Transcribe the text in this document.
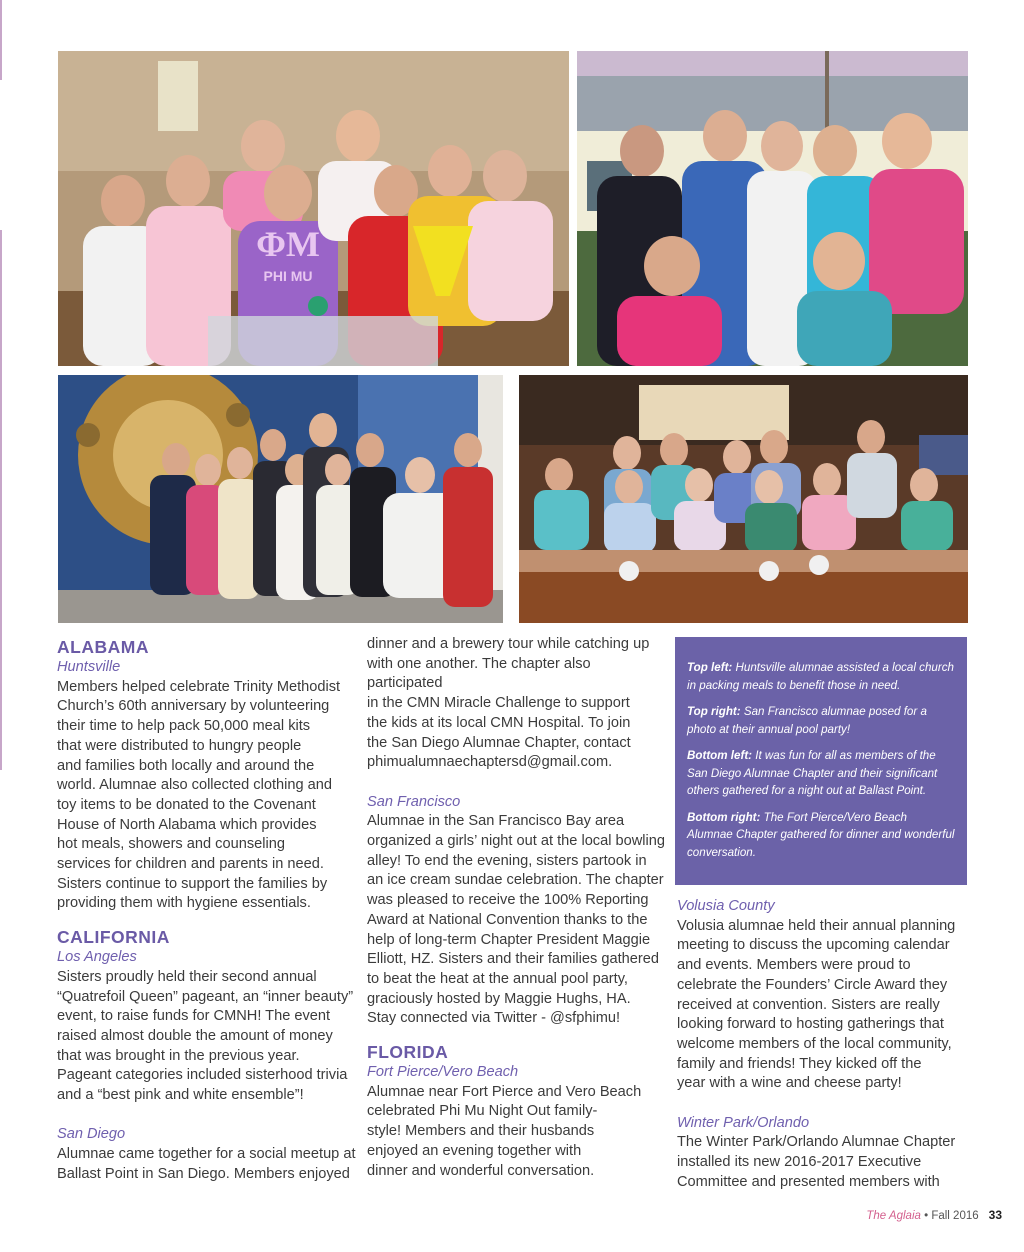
ΦM
PHI MU
ALABAMA
Huntsville

Members helped celebrate Trinity Methodist

Church’s 60th anniversary by volunteering

their time to help pack 50,000 meal kits

that were distributed to hungry people

and families both locally and around the

world. Alumnae also collected clothing and

toy items to be donated to the Covenant

House of North Alabama which provides

hot meals, showers and counseling

services for children and parents in need.

Sisters continue to support the families by

providing them with hygiene essentials.

CALIFORNIA
Los Angeles

Sisters proudly held their second annual

“Quatrefoil Queen” pageant, an “inner beauty”

event, to raise funds for CMNH! The event

raised almost double the amount of money

that was brought in the previous year.

Pageant categories included sisterhood trivia

and a “best pink and white ensemble”!

San Diego

Alumnae came together for a social meetup at

Ballast Point in San Diego. Members enjoyed

dinner and a brewery tour while catching up

with one another. The chapter also participated

in the CMN Miracle Challenge to support

the kids at its local CMN Hospital. To join

the San Diego Alumnae Chapter, contact

phimualumnaechaptersd@gmail.com.

San Francisco

Alumnae in the San Francisco Bay area

organized a girls’ night out at the local bowling

alley! To end the evening, sisters partook in

an ice cream sundae celebration. The chapter

was pleased to receive the 100% Reporting

Award at National Convention thanks to the

help of long-term Chapter President Maggie

Elliott, HZ. Sisters and their families gathered

to beat the heat at the annual pool party,

graciously hosted by Maggie Hughs, HA.

Stay connected via Twitter - @sfphimu!

FLORIDA
Fort Pierce/Vero Beach

Alumnae near Fort Pierce and Vero Beach

celebrated Phi Mu Night Out family-

style! Members and their husbands

enjoyed an evening together with

dinner and wonderful conversation.

Top left: Huntsville alumnae assisted a local church in packing meals to benefit those in need.

Top right: San Francisco alumnae posed for a photo at their annual pool party!

Bottom left: It was fun for all as members of the San Diego Alumnae Chapter and their significant others gathered for a night out at Ballast Point.

Bottom right: The Fort Pierce/Vero Beach Alumnae Chapter gathered for dinner and wonderful conversation.

Volusia County

Volusia alumnae held their annual planning

meeting to discuss the upcoming calendar

and events. Members were proud to

celebrate the Founders’ Circle Award they

received at convention. Sisters are really

looking forward to hosting gatherings that

welcome members of the local community,

family and friends! They kicked off the

year with a wine and cheese party!

Winter Park/Orlando

The Winter Park/Orlando Alumnae Chapter

installed its new 2016-2017 Executive

Committee and presented members with

The Aglaia • Fall 2016 33
